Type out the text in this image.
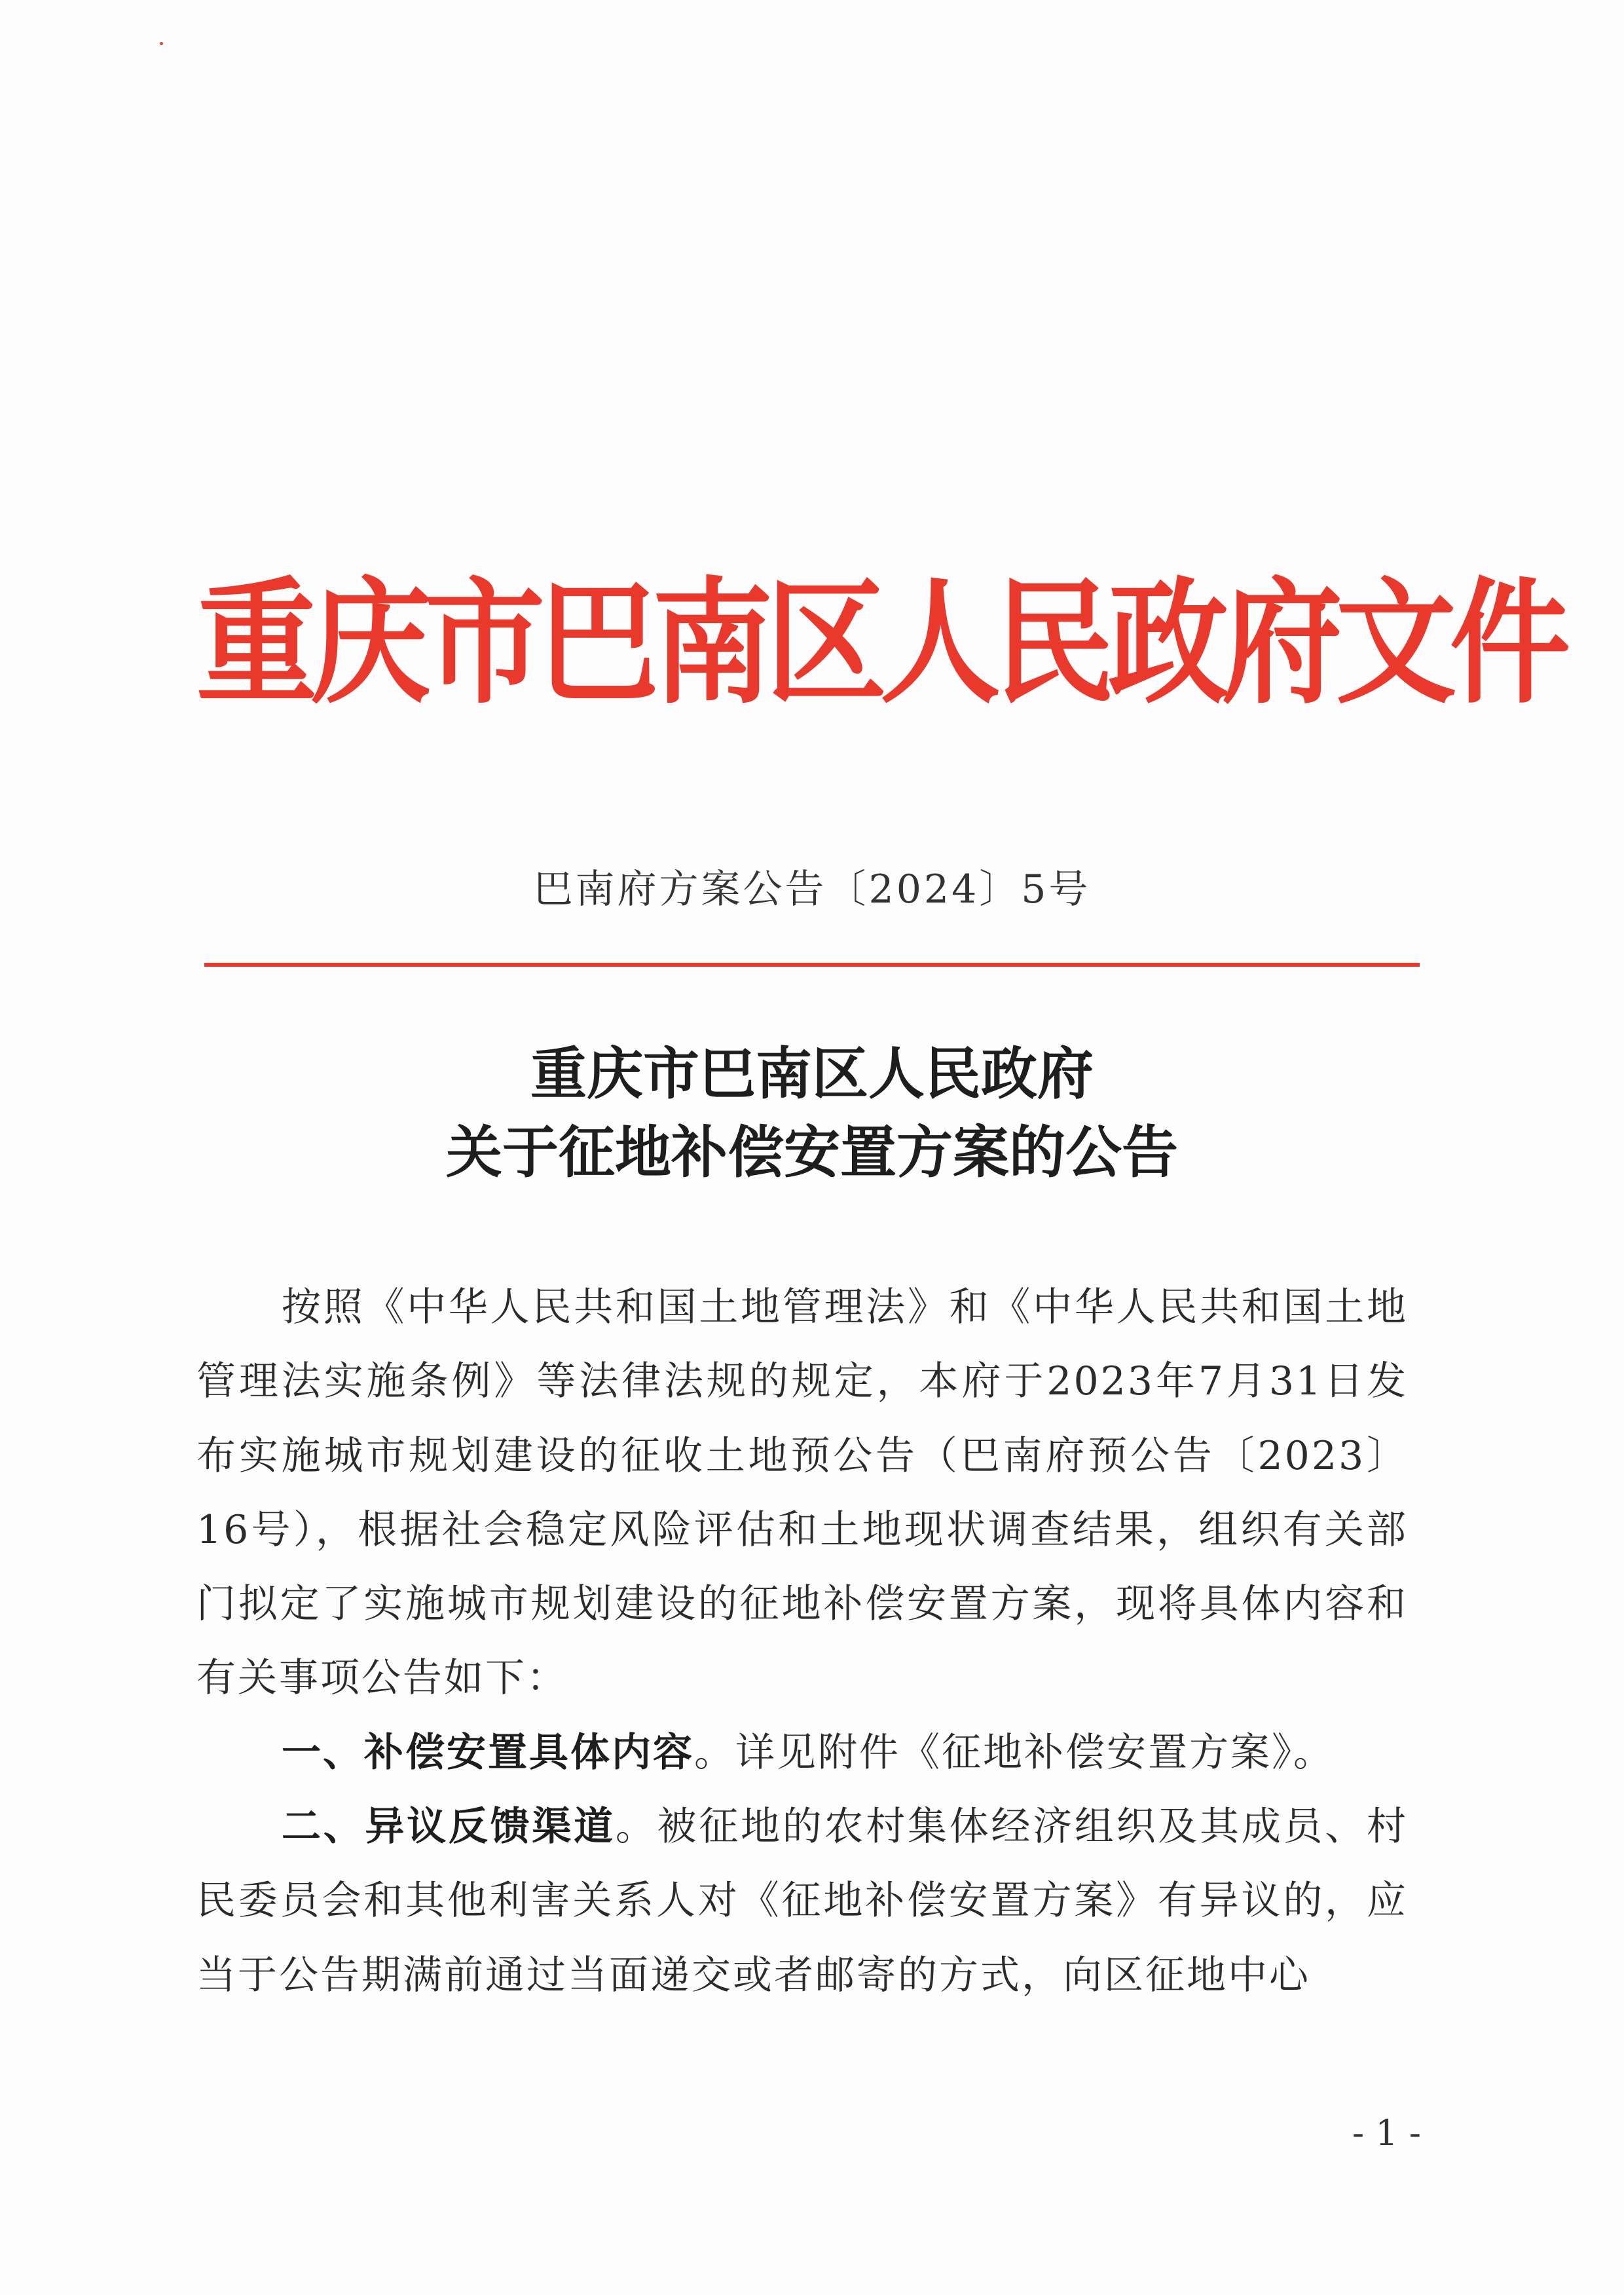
重庆市巴南区人民政府文件
巴南府方案公告〔2024〕5号
重庆市巴南区人民政府
关于征地补偿安置方案的公告

按照《中华人民共和国土地管理法》和《中华人民共和国土地管理法实施条例》等法律法规的规定，本府于2023年7月31日发布实施城市规划建设的征收土地预公告（巴南府预公告〔2023〕16号），根据社会稳定风险评估和土地现状调查结果，组织有关部门拟定了实施城市规划建设的征地补偿安置方案，现将具体内容和有关事项公告如下：

一、补偿安置具体内容。详见附件《征地补偿安置方案》。

二、异议反馈渠道。被征地的农村集体经济组织及其成员、村民委员会和其他利害关系人对《征地补偿安置方案》有异议的，应当于公告期满前通过当面递交或者邮寄的方式，向区征地中心

- 1 -
